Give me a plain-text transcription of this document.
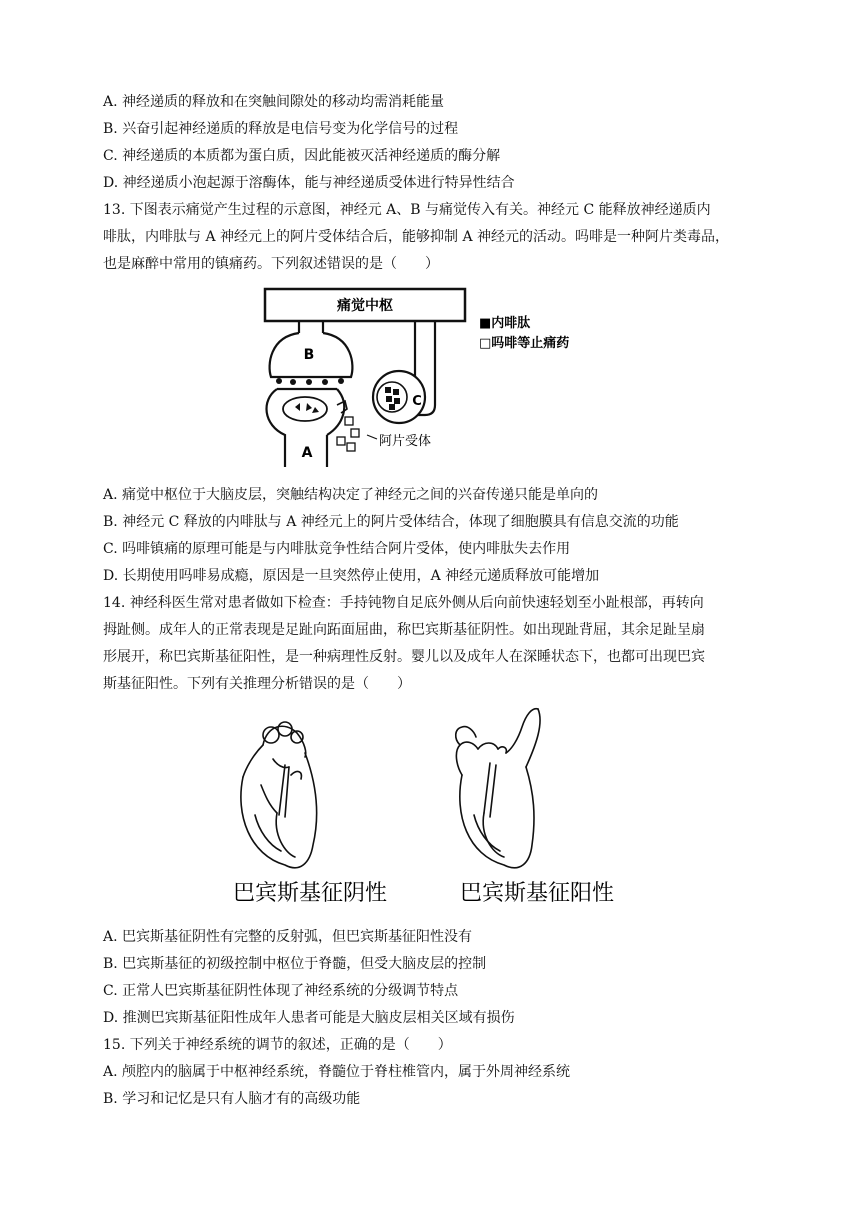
A. 神经递质的释放和在突触间隙处的移动均需消耗能量
B. 兴奋引起神经递质的释放是电信号变为化学信号的过程
C. 神经递质的本质都为蛋白质，因此能被灭活神经递质的酶分解
D. 神经递质小泡起源于溶酶体，能与神经递质受体进行特异性结合
13. 下图表示痛觉产生过程的示意图，神经元 A、B 与痛觉传入有关。神经元 C 能释放神经递质内
啡肽，内啡肽与 A 神经元上的阿片受体结合后，能够抑制 A 神经元的活动。吗啡是一种阿片类毒品，
也是麻醉中常用的镇痛药。下列叙述错误的是（　　）
痛觉中枢
B
A
C
阿片受体
■内啡肽
□吗啡等止痛药
A. 痛觉中枢位于大脑皮层，突触结构决定了神经元之间的兴奋传递只能是单向的
B. 神经元 C 释放的内啡肽与 A 神经元上的阿片受体结合，体现了细胞膜具有信息交流的功能
C. 吗啡镇痛的原理可能是与内啡肽竞争性结合阿片受体，使内啡肽失去作用
D. 长期使用吗啡易成瘾，原因是一旦突然停止使用，A 神经元递质释放可能增加
14. 神经科医生常对患者做如下检查：手持钝物自足底外侧从后向前快速轻划至小趾根部，再转向
拇趾侧。成年人的正常表现是足趾向跖面屈曲，称巴宾斯基征阴性。如出现趾背屈，其余足趾呈扇
形展开，称巴宾斯基征阳性，是一种病理性反射。婴儿以及成年人在深睡状态下，也都可出现巴宾
斯基征阳性。下列有关推理分析错误的是（　　）
巴宾斯基征阴性	巴宾斯基征阳性
A. 巴宾斯基征阴性有完整的反射弧，但巴宾斯基征阳性没有
B. 巴宾斯基征的初级控制中枢位于脊髓，但受大脑皮层的控制
C. 正常人巴宾斯基征阴性体现了神经系统的分级调节特点
D. 推测巴宾斯基征阳性成年人患者可能是大脑皮层相关区域有损伤
15. 下列关于神经系统的调节的叙述，正确的是（　　）
A. 颅腔内的脑属于中枢神经系统，脊髓位于脊柱椎管内，属于外周神经系统
B. 学习和记忆是只有人脑才有的高级功能
